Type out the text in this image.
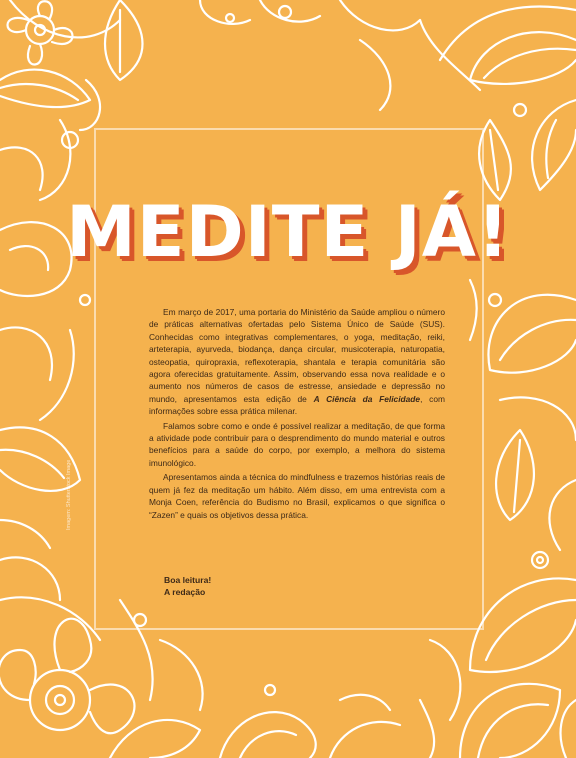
MEDITE JÁ!

Em março de 2017, uma portaria do Ministério da Saúde ampliou o número de práticas alternativas ofertadas pelo Sistema Único de Saúde (SUS). Conhecidas como integrativas complementares, o yoga, meditação, reiki, arteterapia, ayurveda, biodança, dança circular, musicoterapia, naturopatia, osteopatia, quiropraxia, reflexoterapia, shantala e terapia comunitária são agora oferecidas gratuitamente. Assim, observando essa nova realidade e o aumento nos números de casos de estresse, ansiedade e depressão no mundo, apresentamos esta edição de A Ciência da Felicidade, com informações sobre essa prática milenar.

Falamos sobre como e onde é possível realizar a meditação, de que forma a atividade pode contribuir para o desprendimento do mundo material e outros benefícios para a saúde do corpo, por exemplo, a melhora do sistema imunológico.

Apresentamos ainda a técnica do mindfulness e trazemos histórias reais de quem já fez da meditação um hábito. Além disso, em uma entrevista com a Monja Coen, referência do Budismo no Brasil, explicamos o que significa o “Zazen” e quais os objetivos dessa prática.

Boa leitura!
A redação
Imagem: Shutterstock Image
